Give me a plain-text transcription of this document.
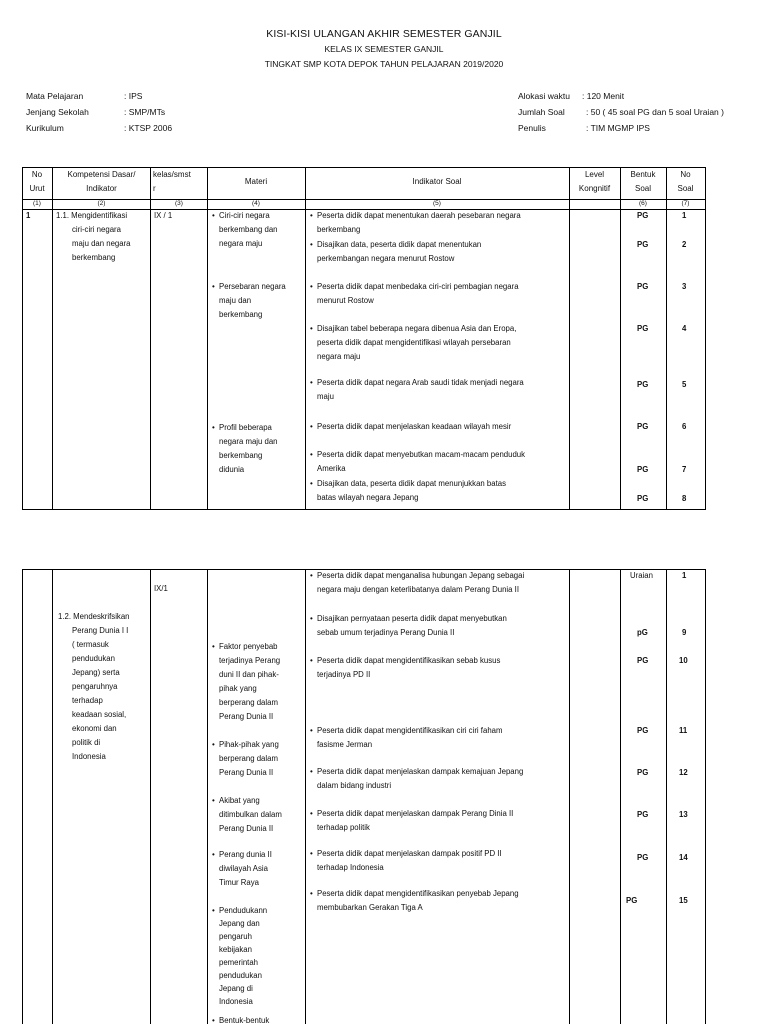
KISI-KISI ULANGAN AKHIR SEMESTER GANJIL
KELAS IX SEMESTER GANJIL
TINGKAT SMP KOTA DEPOK TAHUN PELAJARAN 2019/2020
Mata Pelajaran	: IPS
Jenjang Sekolah	: SMP/MTs
Kurikulum	: KTSP 2006
Alokasi waktu : 120 Menit
Jumlah Soal : 50 ( 45 soal PG dan 5 soal Uraian )
Penulis	: TIM MGMP IPS
No
Urut
Kompetensi Dasar/
Indikator
kelas/smst
r
Materi	Indikator Soal
Level
Kongnitif
Bentuk
Soal
No
Soal
(1)	(2)	(3)	(4)	(5)	(6)	(7)
1	1.1. Mengidentifikasi
ciri-ciri negara
maju dan negara
berkembang
IX / 1
•	Ciri-ciri negara
berkembang dan
negara maju
• Persebaran negara
maju dan
berkembang
• Profil beberapa
negara maju dan
berkembang
didunia
• Peserta didik dapat menentukan daerah pesebaran negara
berkembang
• Disajikan data, peserta didik dapat menentukan
perkembangan negara menurut Rostow
• Peserta didik dapat menbedaka ciri-ciri pembagian negara
menurut Rostow
• Disajikan tabel beberapa negara dibenua Asia dan Eropa,
peserta didik dapat mengidentifikasi wilayah persebaran
negara maju
• Peserta didik dapat negara Arab saudi tidak menjadi negara
maju
• Peserta didik dapat menjelaskan keadaan wilayah mesir
• Peserta didik dapat menyebutkan macam-macam penduduk
Amerika
• Disajikan data, peserta didik dapat menunjukkan batas
batas wilayah negara Jepang
PG
PG
PG
PG
PG
PG
PG
PG
1
2
3
4
5
6
7
8
IX/1
1.2. Mendeskrifsikan
Perang Dunia I I
( termasuk
pendudukan
Jepang) serta
pengaruhnya
terhadap
keadaan sosial,
ekonomi dan
politik di
Indonesia
• Faktor penyebab
terjadinya Perang
duni II dan pihak-
pihak yang
berperang dalam
Perang Dunia II
• Pihak-pihak yang
berperang dalam
Perang Dunia II
• Akibat yang
ditimbulkan dalam
Perang Dunia II
• Perang dunia II
diwilayah Asia
Timur Raya
• Pendudukann
Jepang dan
pengaruh
kebijakan
pemerintah
pendudukan
Jepang di
Indonesia
• Bentuk-bentuk
• Peserta didik dapat menganalisa hubungan Jepang sebagai
negara maju dengan keterlibatanya dalam Perang Dunia II
• Disajikan pernyataan peserta didik dapat menyebutkan
sebab umum terjadinya Perang Dunia II
• Peserta didik dapat mengidentifikasikan sebab kusus
terjadinya PD II
• Peserta didik dapat mengidentifikasikan ciri ciri faham
fasisme Jerman
• Peserta didik dapat menjelaskan dampak kemajuan Jepang
dalam bidang industri
• Peserta didik dapat menjelaskan dampak Perang Dinia II
terhadap politik
• Peserta didik dapat menjelaskan dampak positif PD II
terhadap Indonesia
• Peserta didik dapat mengidentifikasikan penyebab Jepang
membubarkan Gerakan Tiga A
Uraian
pG
PG
PG
PG
PG
PG
PG
1
9
10
11
12
13
14
15
